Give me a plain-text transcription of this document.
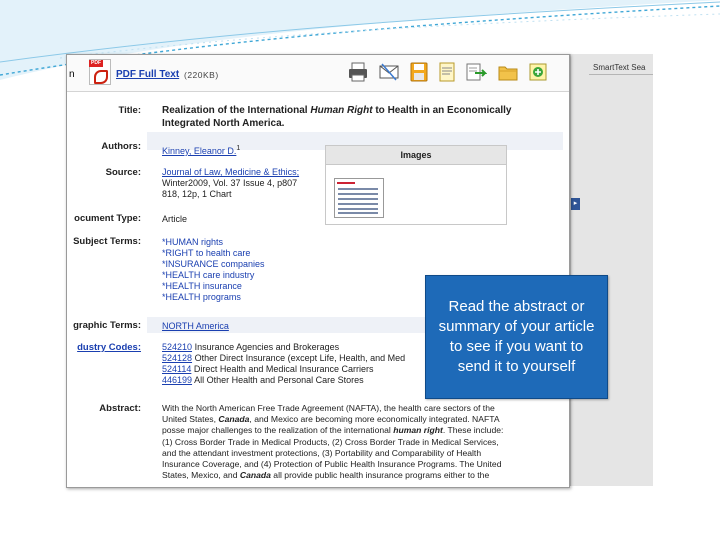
SmartText Sea
▸
n
PDF
PDF Full Text (220KB)
Title: Realization of the International Human Right to Health in an Economically
Integrated North America.
Authors: Kinney, Eleanor D.$^1$
Source: Journal of Law, Medicine & Ethics;
Winter2009, Vol. 37 Issue 4, p807
818, 12p, 1 Chart
Images
ocument Type: Article
Subject Terms: *HUMAN rights
*RIGHT to health care
*INSURANCE companies
*HEALTH care industry
*HEALTH insurance
*HEALTH programs
graphic Terms: NORTH America
dustry Codes: 524210 Insurance Agencies and Brokerages
524128 Other Direct Insurance (except Life, Health, and Med
524114 Direct Health and Medical Insurance Carriers
446199 All Other Health and Personal Care Stores
Abstract: With the North American Free Trade Agreement (NAFTA), the health care sectors of the
United States, Canada, and Mexico are becoming more economically integrated. NAFTA
posse major challenges to the realization of the international human right. These include:
(1) Cross Border Trade in Medical Products, (2) Cross Border Trade in Medical Services,
and the attendant investment protections, (3) Portability and Comparability of Health
Insurance Coverage, and (4) Protection of Public Health Insurance Programs. The United
States, Mexico, and Canada all provide public health insurance programs either to the
Read the abstract or summary of your article to see if you want to send it to yourself
